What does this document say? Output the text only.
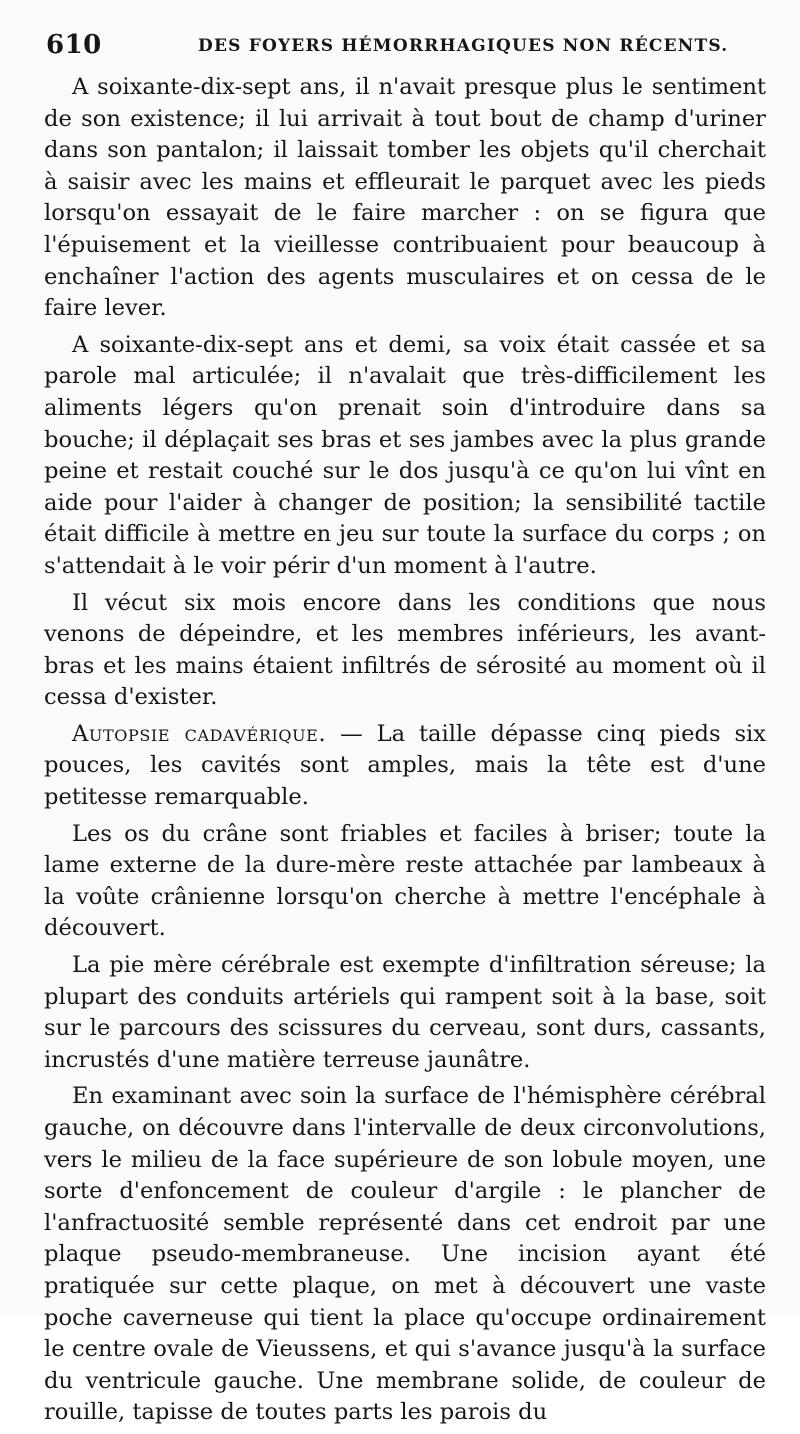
610	DES FOYERS HÉMORRHAGIQUES NON RÉCENTS.

A soixante-dix-sept ans, il n'avait presque plus le sentiment de son existence; il lui arrivait à tout bout de champ d'uriner dans son pantalon; il laissait tomber les objets qu'il cherchait à saisir avec les mains et effleurait le parquet avec les pieds lorsqu'on essayait de le faire marcher : on se figura que l'épuisement et la vieillesse contribuaient pour beaucoup à enchaîner l'action des agents musculaires et on cessa de le faire lever.

A soixante-dix-sept ans et demi, sa voix était cassée et sa parole mal articulée; il n'avalait que très-difficilement les aliments légers qu'on prenait soin d'introduire dans sa bouche; il déplaçait ses bras et ses jambes avec la plus grande peine et restait couché sur le dos jusqu'à ce qu'on lui vînt en aide pour l'aider à changer de position; la sensibilité tactile était difficile à mettre en jeu sur toute la surface du corps ; on s'attendait à le voir périr d'un moment à l'autre.

Il vécut six mois encore dans les conditions que nous venons de dépeindre, et les membres inférieurs, les avant-bras et les mains étaient infiltrés de sérosité au moment où il cessa d'exister.

Autopsie cadavérique. — La taille dépasse cinq pieds six pouces, les cavités sont amples, mais la tête est d'une petitesse remarquable.

Les os du crâne sont friables et faciles à briser; toute la lame externe de la dure-mère reste attachée par lambeaux à la voûte crânienne lorsqu'on cherche à mettre l'encéphale à découvert.

La pie mère cérébrale est exempte d'infiltration séreuse; la plupart des conduits artériels qui rampent soit à la base, soit sur le parcours des scissures du cerveau, sont durs, cassants, incrustés d'une matière terreuse jaunâtre.

En examinant avec soin la surface de l'hémisphère cérébral gauche, on découvre dans l'intervalle de deux circonvolutions, vers le milieu de la face supérieure de son lobule moyen, une sorte d'enfoncement de couleur d'argile : le plancher de l'anfractuosité semble représenté dans cet endroit par une plaque pseudo-membraneuse. Une incision ayant été pratiquée sur cette plaque, on met à découvert une vaste poche caverneuse qui tient la place qu'occupe ordinairement le centre ovale de Vieussens, et qui s'avance jusqu'à la surface du ventricule gauche. Une membrane solide, de couleur de rouille, tapisse de toutes parts les parois du
